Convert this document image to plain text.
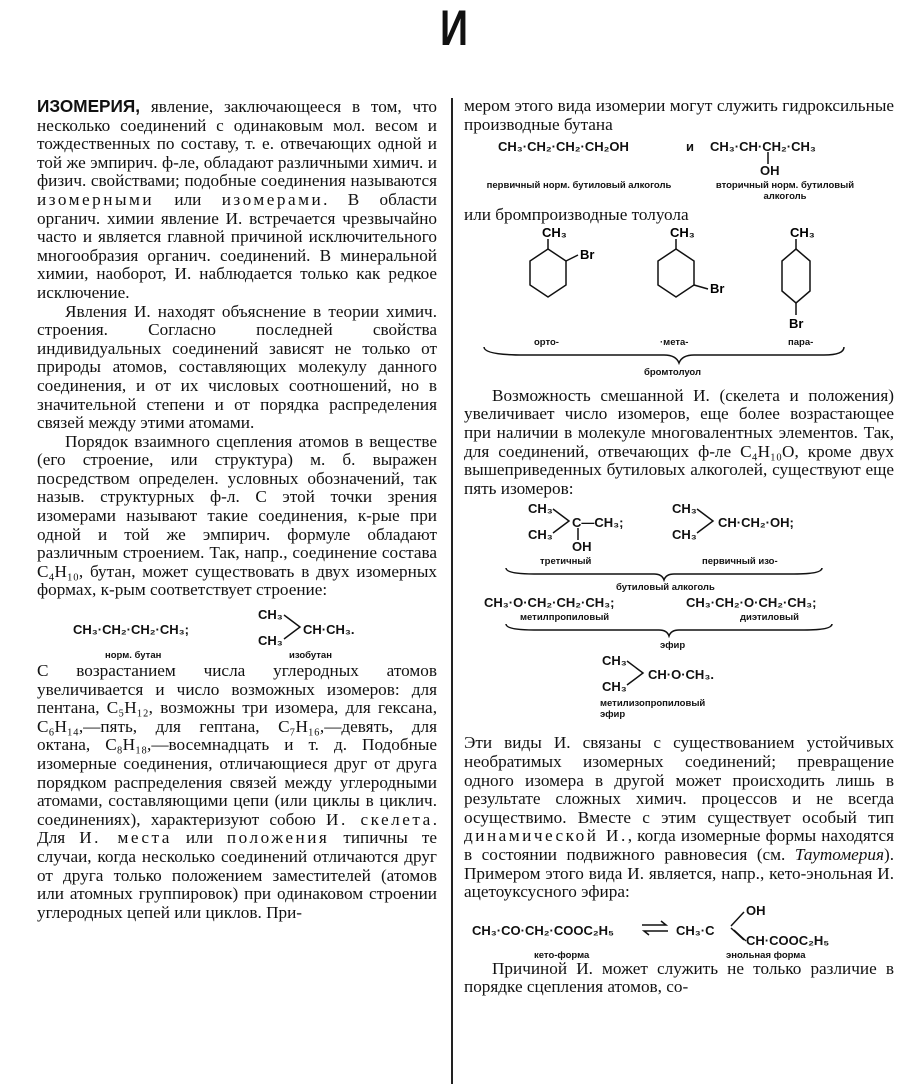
И

ИЗОМЕРИЯ, явление, заключающееся в том, что несколько соединений с одинаковым мол. весом и тождественных по составу, т. е. отвечающих одной и той же эмпирич. ф-ле, обладают различными химич. и физич. свойствами; подобные соединения называются изомерными или изомерами. В области органич. химии явление И. встречается чрезвычайно часто и является главной причиной исключительного многообразия органич. соединений. В минеральной химии, наоборот, И. наблюдается только как редкое исключение.

Явления И. находят объяснение в теории химич. строения. Согласно последней свойства индивидуальных соединений зависят не только от природы атомов, составляющих молекулу данного соединения, и от их числовых соотношений, но в значительной степени и от порядка распределения связей между этими атомами.

Порядок взаимного сцепления атомов в веществе (его строение, или структура) м. б. выражен посредством определен. условных обозначений, так назыв. структурных ф-л. С этой точки зрения изомерами называют такие соединения, к-рые при одной и той же эмпирич. формуле обладают различным строением. Так, напр., соединение состава C₄H₁₀, бутан, может существовать в двух изомерных формах, к-рым соответствует строение:

CH₃·CH₂·CH₂·CH₃;
CH₃
CH₃
CH·CH₃.
норм. бутан	изобутан

С возрастанием числа углеродных атомов увеличивается и число возможных изомеров: для пентана, C₅H₁₂, возможны три изомера, для гексана, C₆H₁₄,—пять, для гептана, C₇H₁₆,—девять, для октана, C₈H₁₈,—восемнадцать и т. д. Подобные изомерные соединения, отличающиеся друг от друга порядком распределения связей между углеродными атомами, составляющими цепи (или циклы в циклич. соединениях), характеризуют собою И. скелета. Для И. места или положения типичны те случаи, когда несколько соединений отличаются друг от друга только положением заместителей (атомов или атомных группировок) при одинаковом строении углеродных цепей или циклов. При-

мером этого вида изомерии могут служить гидроксильные производные бутана

CH₃·CH₂·CH₂·CH₂OH	и CH₃·CH·CH₂·CH₃
OH
первичный норм. бутиловый алкоголь	вторичный норм. бутиловый алкоголь

или бромпроизводные толуола

CH₃
Br
CH₃
Br
CH₃
Br
орто-	·мета-	пара-
бромтолуол

Возможность смешанной И. (скелета и положения) увеличивает число изомеров, еще более возрастающее при наличии в молекуле многовалентных элементов. Так, для соединений, отвечающих ф-ле C₄H₁₀O, кроме двух вышеприведенных бутиловых алкоголей, существуют еще пять изомеров:

CH₃
CH₃
C—CH₃;
OH
CH₃
CH₃
CH·CH₂·OH;
третичный	первичный изо-
бутиловый алкоголь
CH₃·O·CH₂·CH₂·CH₃;	CH₃·CH₂·O·CH₂·CH₃;
метилпропиловый	диэтиловый
эфир
CH₃
CH₃
CH·O·CH₃.
метилизопропиловый эфир

Эти виды И. связаны с существованием устойчивых необратимых изомерных соединений; превращение одного изомера в другой может происходить лишь в результате сложных химич. процессов и не всегда осуществимо. Вместе с этим существует особый тип динамической И., когда изомерные формы находятся в состоянии подвижного равновесия (см. Таутомерия). Примером этого вида И. является, напр., кето-энольная И. ацетоуксусного эфира:

CH₃·CO·CH₂·COOC₂H₅ ⇌ CH₃·C
OH
CH·COOC₂H₅
кето-форма	энольная форма

Причиной И. может служить не только различие в порядке сцепления атомов, со-
